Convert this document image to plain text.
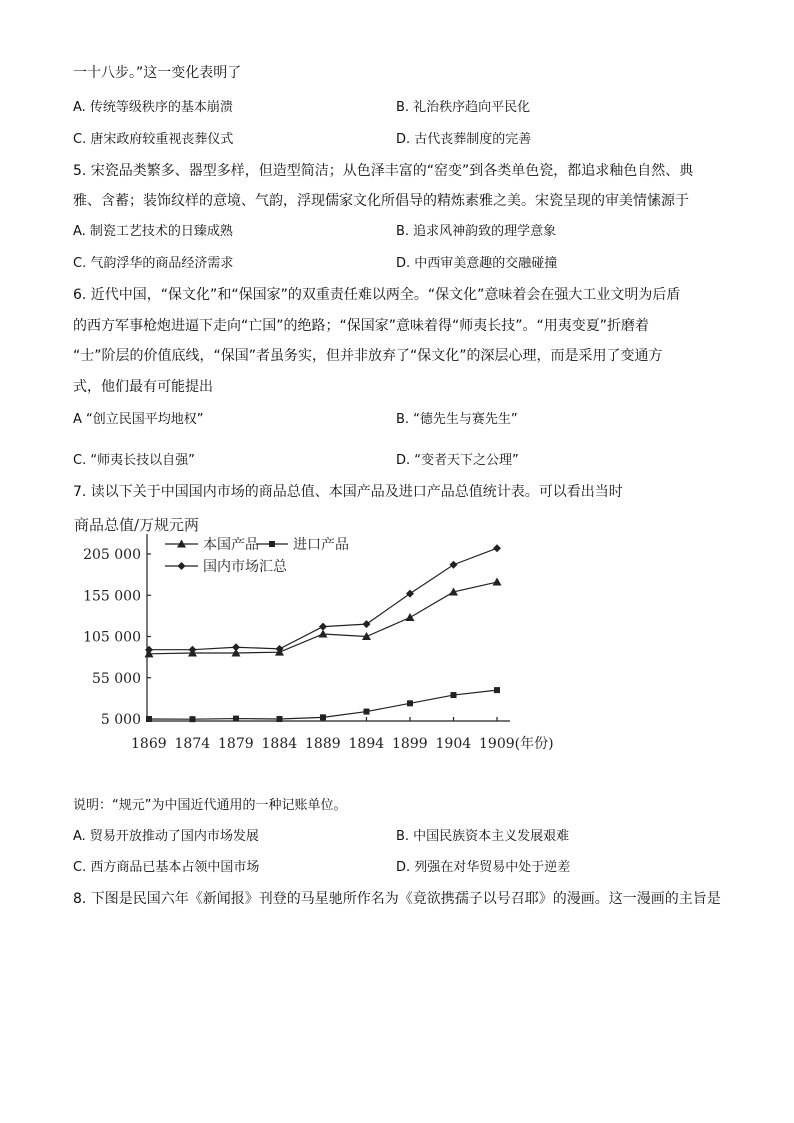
一十八步。”这一变化表明了
A. 传统等级秩序的基本崩溃	B. 礼治秩序趋向平民化
C. 唐宋政府较重视丧葬仪式	D. 古代丧葬制度的完善
5. 宋瓷品类繁多、器型多样，但造型简洁；从色泽丰富的“窑变”到各类单色瓷，都追求釉色自然、典
雅、含蓄；装饰纹样的意境、气韵，浮现儒家文化所倡导的精炼素雅之美。宋瓷呈现的审美情愫源于
A. 制瓷工艺技术的日臻成熟	B. 追求风神韵致的理学意象
C. 气韵浮华的商品经济需求	D. 中西审美意趣的交融碰撞
6. 近代中国，“保文化”和“保国家”的双重责任难以两全。“保文化”意味着会在强大工业文明为后盾
的西方军事枪炮进逼下走向“亡国”的绝路；“保国家”意味着得“师夷长技”。“用夷变夏”折磨着
“士”阶层的价值底线，“保国”者虽务实，但并非放弃了“保文化”的深层心理，而是采用了变通方
式，他们最有可能提出
A “创立民国平均地权”	B. “德先生与赛先生”
C. “师夷长技以自强”	D. “变者天下之公理”
7. 读以下关于中国国内市场的商品总值、本国产品及进口产品总值统计表。可以看出当时
商品总值/万规元两
5 000
55 000
105 000
155 000
205 000
1869 1874 1879 1884 1889 1894 1899 1904 1909(年份)
本国产品 进口产品
国内市场汇总
说明：“规元”为中国近代通用的一种记账单位。
A. 贸易开放推动了国内市场发展	B. 中国民族资本主义发展艰难
C. 西方商品已基本占领中国市场	D. 列强在对华贸易中处于逆差
8. 下图是民国六年《新闻报》刊登的马星驰所作名为《竟欲携孺子以号召耶》的漫画。这一漫画的主旨是
